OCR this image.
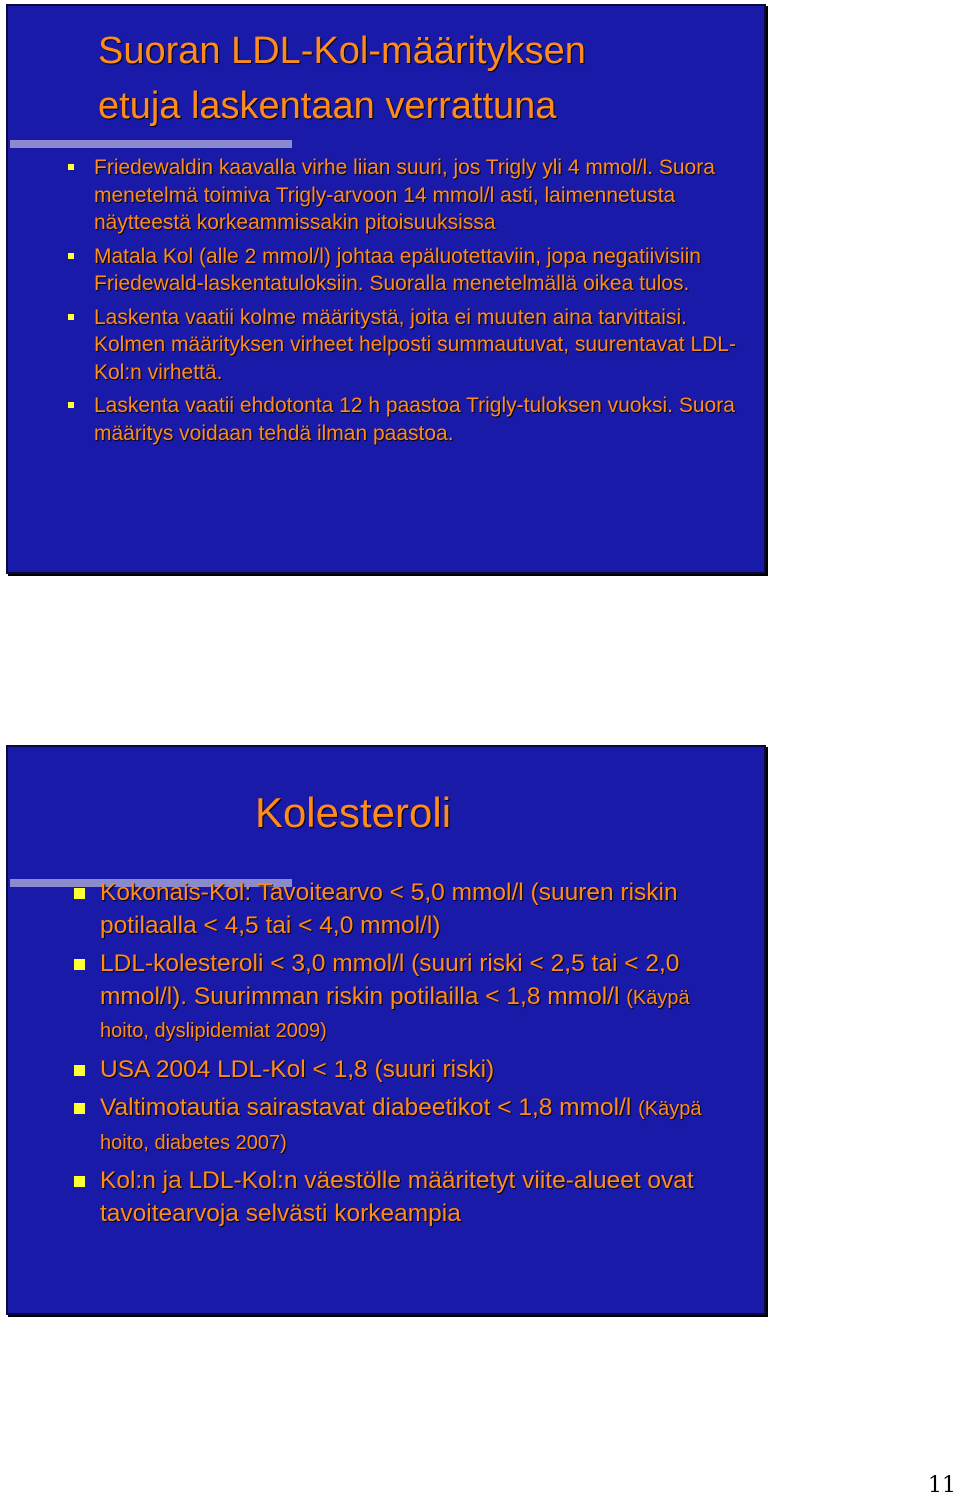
Suoran LDL-Kol-määrityksen
etuja laskentaan verrattuna
Friedewaldin kaavalla virhe liian suuri, jos Trigly yli 4 mmol/l. Suora menetelmä toimiva Trigly-arvoon 14 mmol/l asti, laimennetusta näytteestä korkeammissakin pitoisuuksissa
Matala Kol (alle 2 mmol/l) johtaa epäluotettaviin, jopa negatiivisiin Friedewald-laskentatuloksiin. Suoralla menetelmällä oikea tulos.
Laskenta vaatii kolme määritystä, joita ei muuten aina tarvittaisi. Kolmen määrityksen virheet helposti summautuvat, suurentavat LDL-Kol:n virhettä.
Laskenta vaatii ehdotonta 12 h paastoa Trigly-tuloksen vuoksi. Suora määritys voidaan tehdä ilman paastoa.
Kolesteroli
Kokonais-Kol: Tavoitearvo < 5,0 mmol/l (suuren riskin potilaalla < 4,5 tai < 4,0 mmol/l)
LDL-kolesteroli < 3,0 mmol/l (suuri riski < 2,5 tai < 2,0 mmol/l). Suurimman riskin potilailla < 1,8 mmol/l (Käypä hoito, dyslipidemiat 2009)
USA 2004 LDL-Kol < 1,8 (suuri riski)
Valtimotautia sairastavat diabeetikot < 1,8 mmol/l (Käypä hoito, diabetes 2007)
Kol:n ja LDL-Kol:n väestölle määritetyt viite-alueet ovat tavoitearvoja selvästi korkeampia
11
